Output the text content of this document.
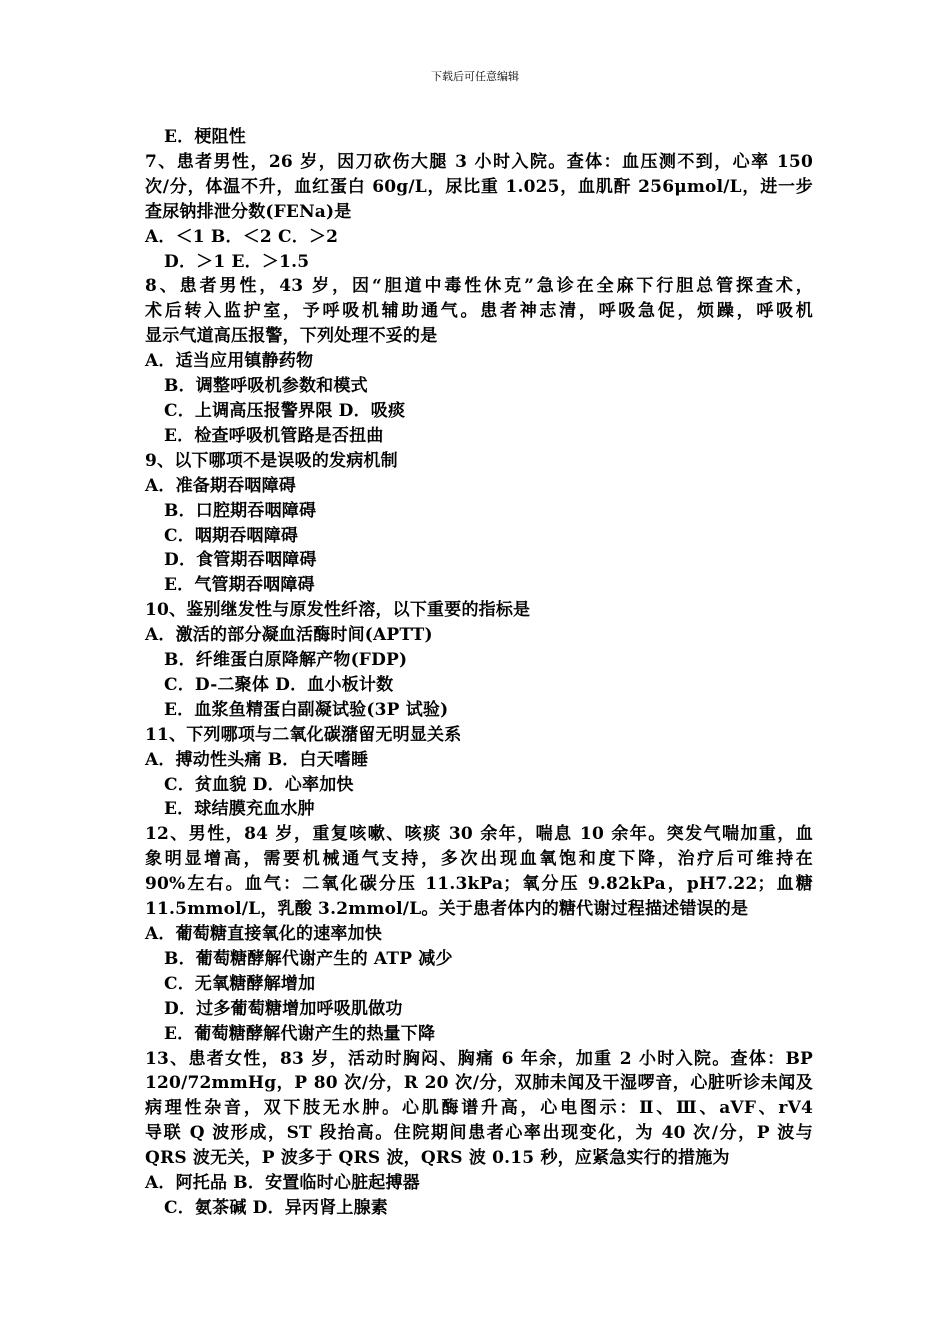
下载后可任意编辑
E．梗阻性
7、患者男性，26 岁，因刀砍伤大腿 3 小时入院。查体：血压测不到，心率 150
次/分，体温不升，血红蛋白 60g/L，尿比重 1.025，血肌酐 256μmol/L，进一步
查尿钠排泄分数(FENa)是
A．＜1 B．＜2 C．＞2
D．＞1 E．＞1.5
8、患者男性，43 岁，因“胆道中毒性休克”急诊在全麻下行胆总管探查术，
术后转入监护室，予呼吸机辅助通气。患者神志清，呼吸急促，烦躁，呼吸机
显示气道高压报警，下列处理不妥的是
A．适当应用镇静药物
B．调整呼吸机参数和模式
C．上调高压报警界限 D．吸痰
E．检查呼吸机管路是否扭曲
9、以下哪项不是误吸的发病机制
A．准备期吞咽障碍
B．口腔期吞咽障碍
C．咽期吞咽障碍
D．食管期吞咽障碍
E．气管期吞咽障碍
10、鉴别继发性与原发性纤溶，以下重要的指标是
A．激活的部分凝血活酶时间(APTT)
B．纤维蛋白原降解产物(FDP)
C．D-二聚体 D．血小板计数
E．血浆鱼精蛋白副凝试验(3P 试验)
11、下列哪项与二氧化碳潴留无明显关系
A．搏动性头痛 B．白天嗜睡
C．贫血貌 D．心率加快
E．球结膜充血水肿
12、男性，84 岁，重复咳嗽、咳痰 30 余年，喘息 10 余年。突发气喘加重，血
象明显增高，需要机械通气支持，多次出现血氧饱和度下降，治疗后可维持在
90%左右。血气：二氧化碳分压 11.3kPa；氧分压 9.82kPa，pH7.22；血糖
11.5mmol/L，乳酸 3.2mmol/L。关于患者体内的糖代谢过程描述错误的是
A．葡萄糖直接氧化的速率加快
B．葡萄糖酵解代谢产生的 ATP 减少
C．无氧糖酵解增加
D．过多葡萄糖增加呼吸肌做功
E．葡萄糖酵解代谢产生的热量下降
13、患者女性，83 岁，活动时胸闷、胸痛 6 年余，加重 2 小时入院。查体：BP
120/72mmHg，P 80 次/分，R 20 次/分，双肺未闻及干湿啰音，心脏听诊未闻及
病理性杂音，双下肢无水肿。心肌酶谱升高，心电图示：Ⅱ、Ⅲ、aVF、rV4
导联 Q 波形成，ST 段抬高。住院期间患者心率出现变化，为 40 次/分，P 波与
QRS 波无关，P 波多于 QRS 波，QRS 波 0.15 秒，应紧急实行的措施为
A．阿托品 B．安置临时心脏起搏器
C．氨茶碱 D．异丙肾上腺素
